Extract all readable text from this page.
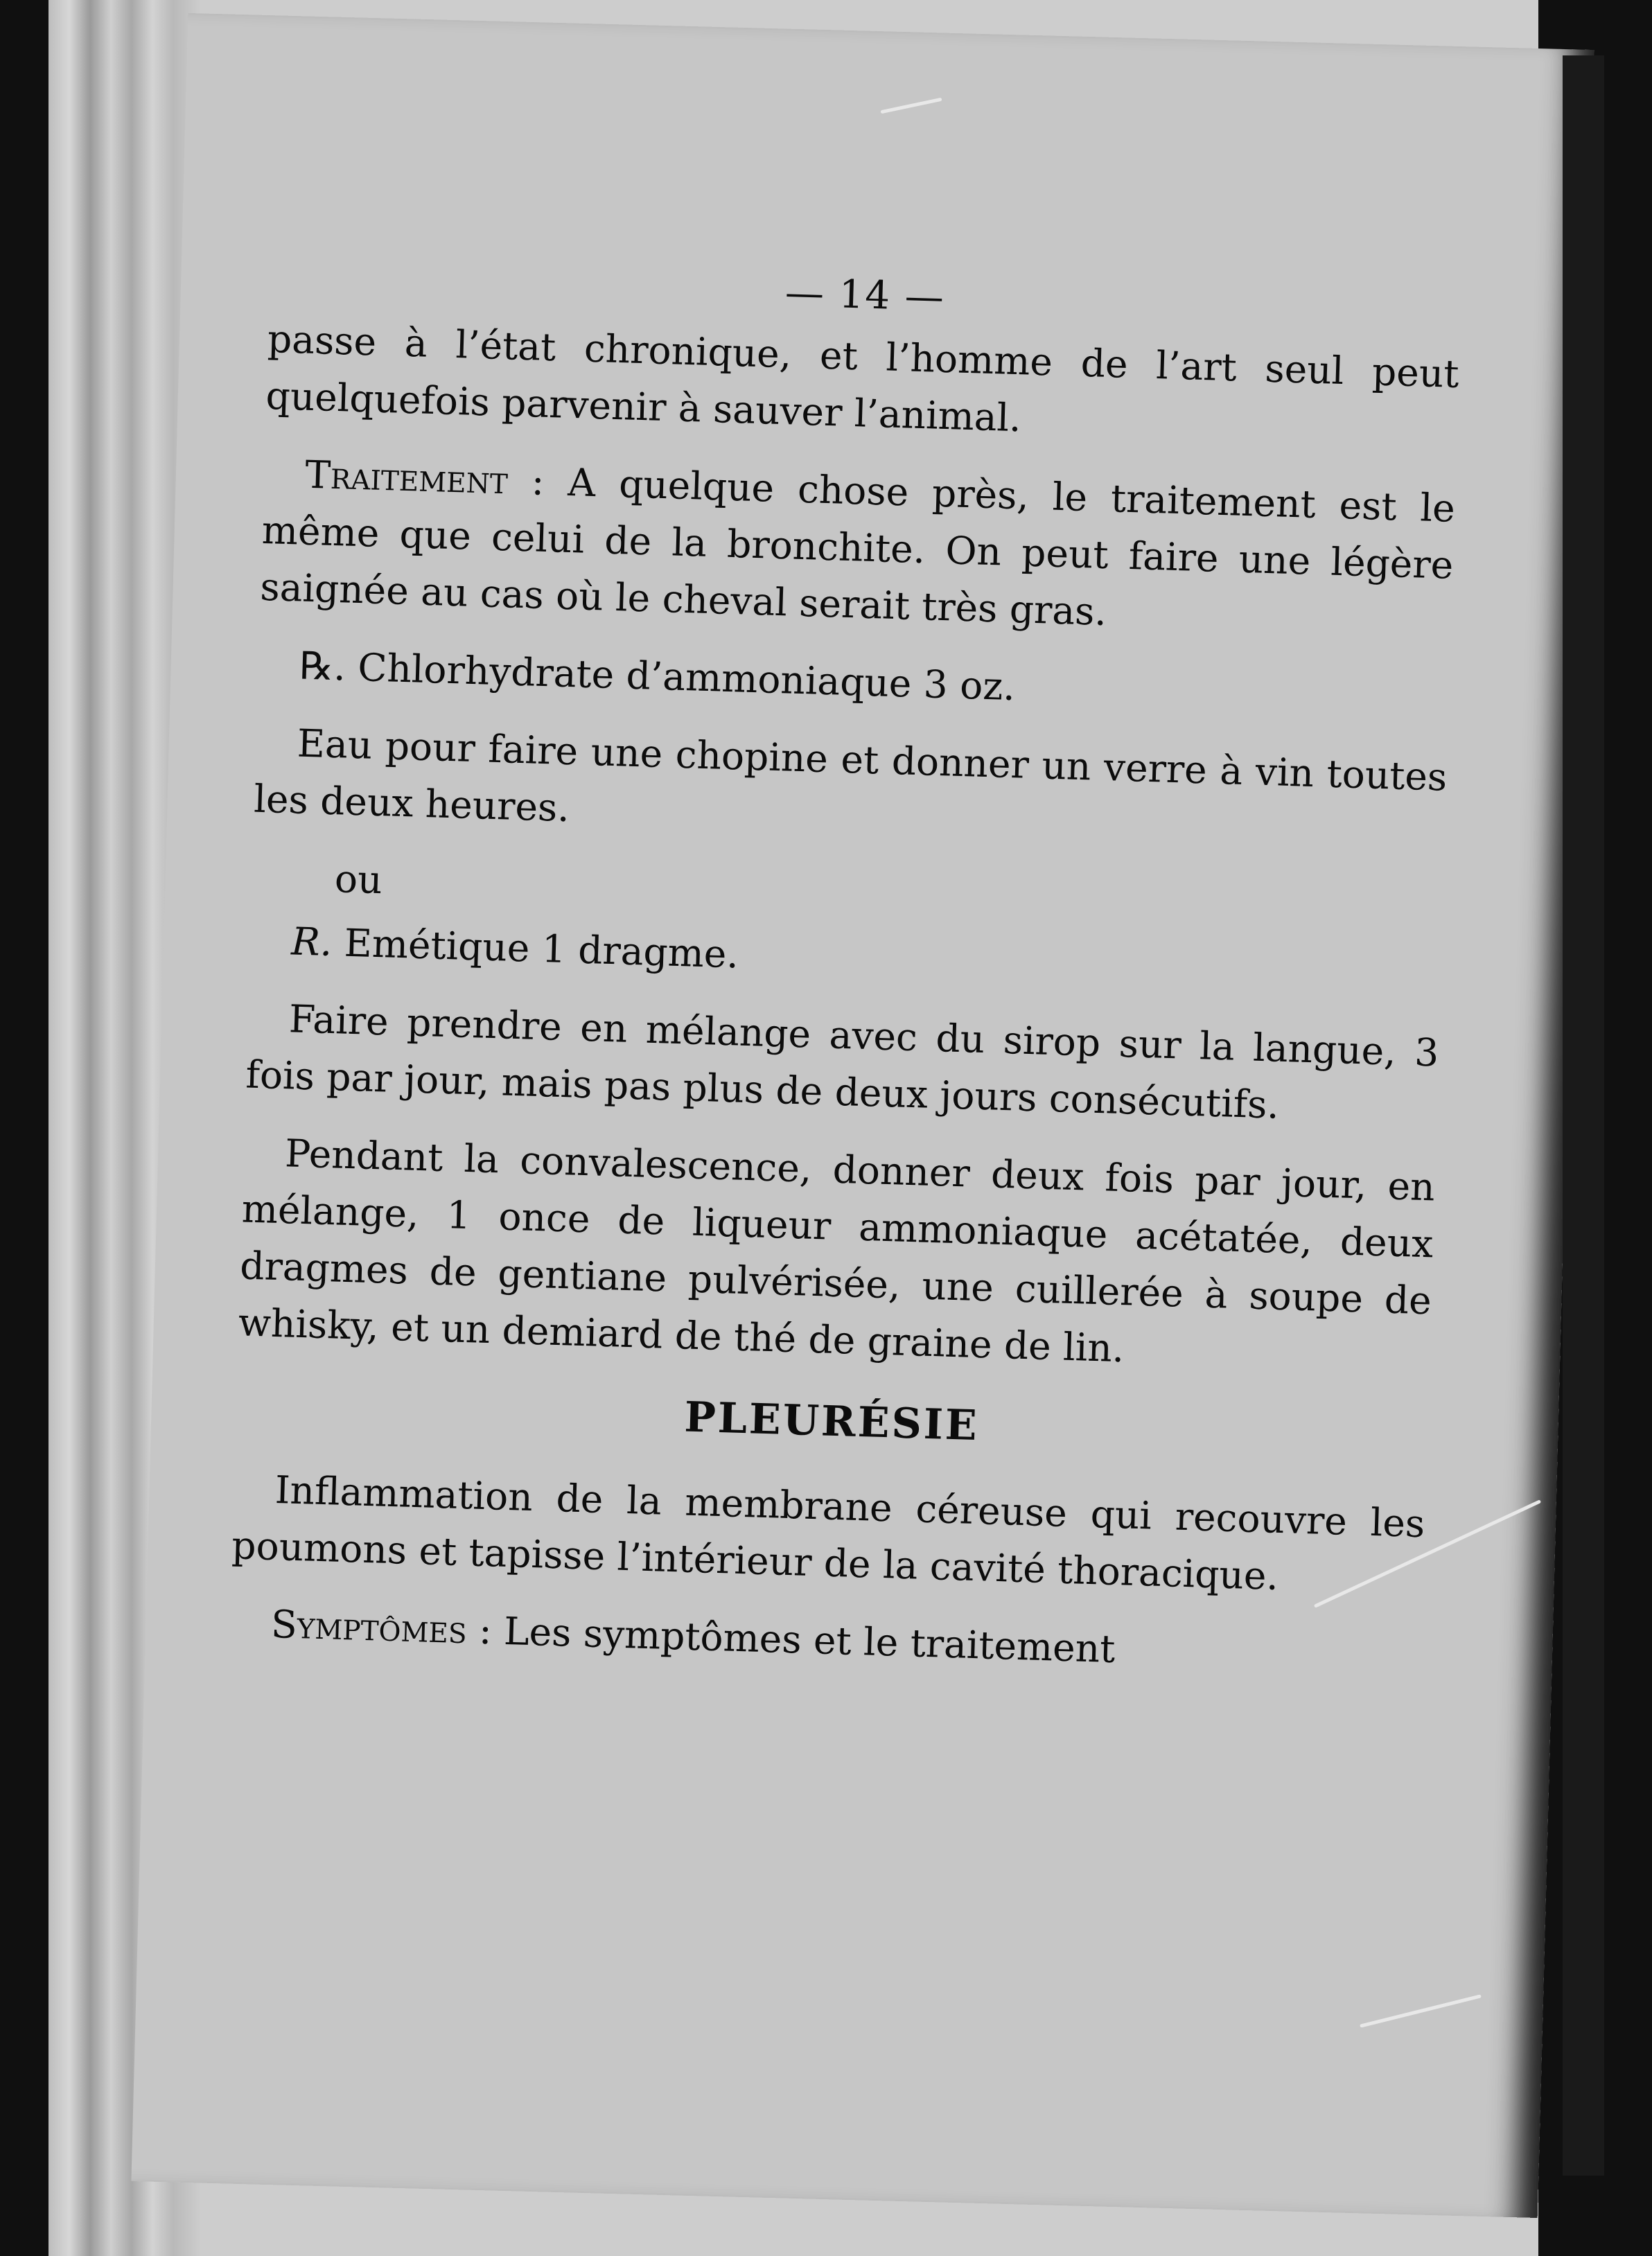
— 14 —

passe à l’état chronique, et l’homme de l’art seul peut quelquefois parvenir à sauver l’animal.

Traitement : A quelque chose près, le traitement est le même que celui de la bronchite. On peut faire une légère saignée au cas où le cheval serait très gras.

℞. Chlorhydrate d’ammoniaque 3 oz.

Eau pour faire une chopine et donner un verre à vin toutes les deux heures.

ou

R. Emétique 1 dragme.

Faire prendre en mélange avec du sirop sur la langue, 3 fois par jour, mais pas plus de deux jours consécutifs.

Pendant la convalescence, donner deux fois par jour, en mélange, 1 once de liqueur ammoniaque acétatée, deux dragmes de gentiane pulvérisée, une cuillerée à soupe de whisky, et un demiard de thé de graine de lin.

PLEURÉSIE

Inflammation de la membrane céreuse qui recouvre les poumons et tapisse l’intérieur de la cavité thoracique.

Symptômes : Les symptômes et le traitement
